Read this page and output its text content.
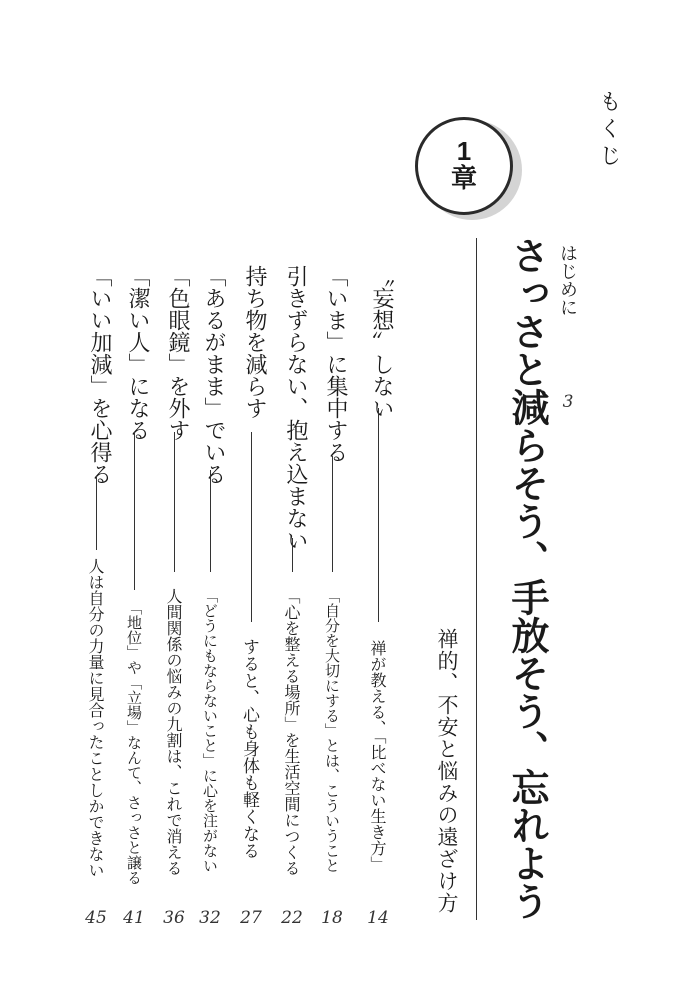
もくじ
1
章
さっさと減らそう、手放そう、忘れよう
禅的、不安と悩みの遠ざけ方
はじめに
3
〝妄想〟しない
禅が教える、「比べない生き方」
14
「いま」に集中する
「自分を大切にする」とは、こういうこと
18
引きずらない、抱え込まない
「心を整える場所」を生活空間につくる
22
持ち物を減らす
すると、心も身体も軽くなる
27
「あるがまま」でいる
「どうにもならないこと」に心を注がない
32
「色眼鏡」を外す
人間関係の悩みの九割は、これで消える
36
「潔い人」になる
「地位」や「立場」なんて、さっさと譲る
41
「いい加減」を心得る
人は自分の力量に見合ったことしかできない
45
